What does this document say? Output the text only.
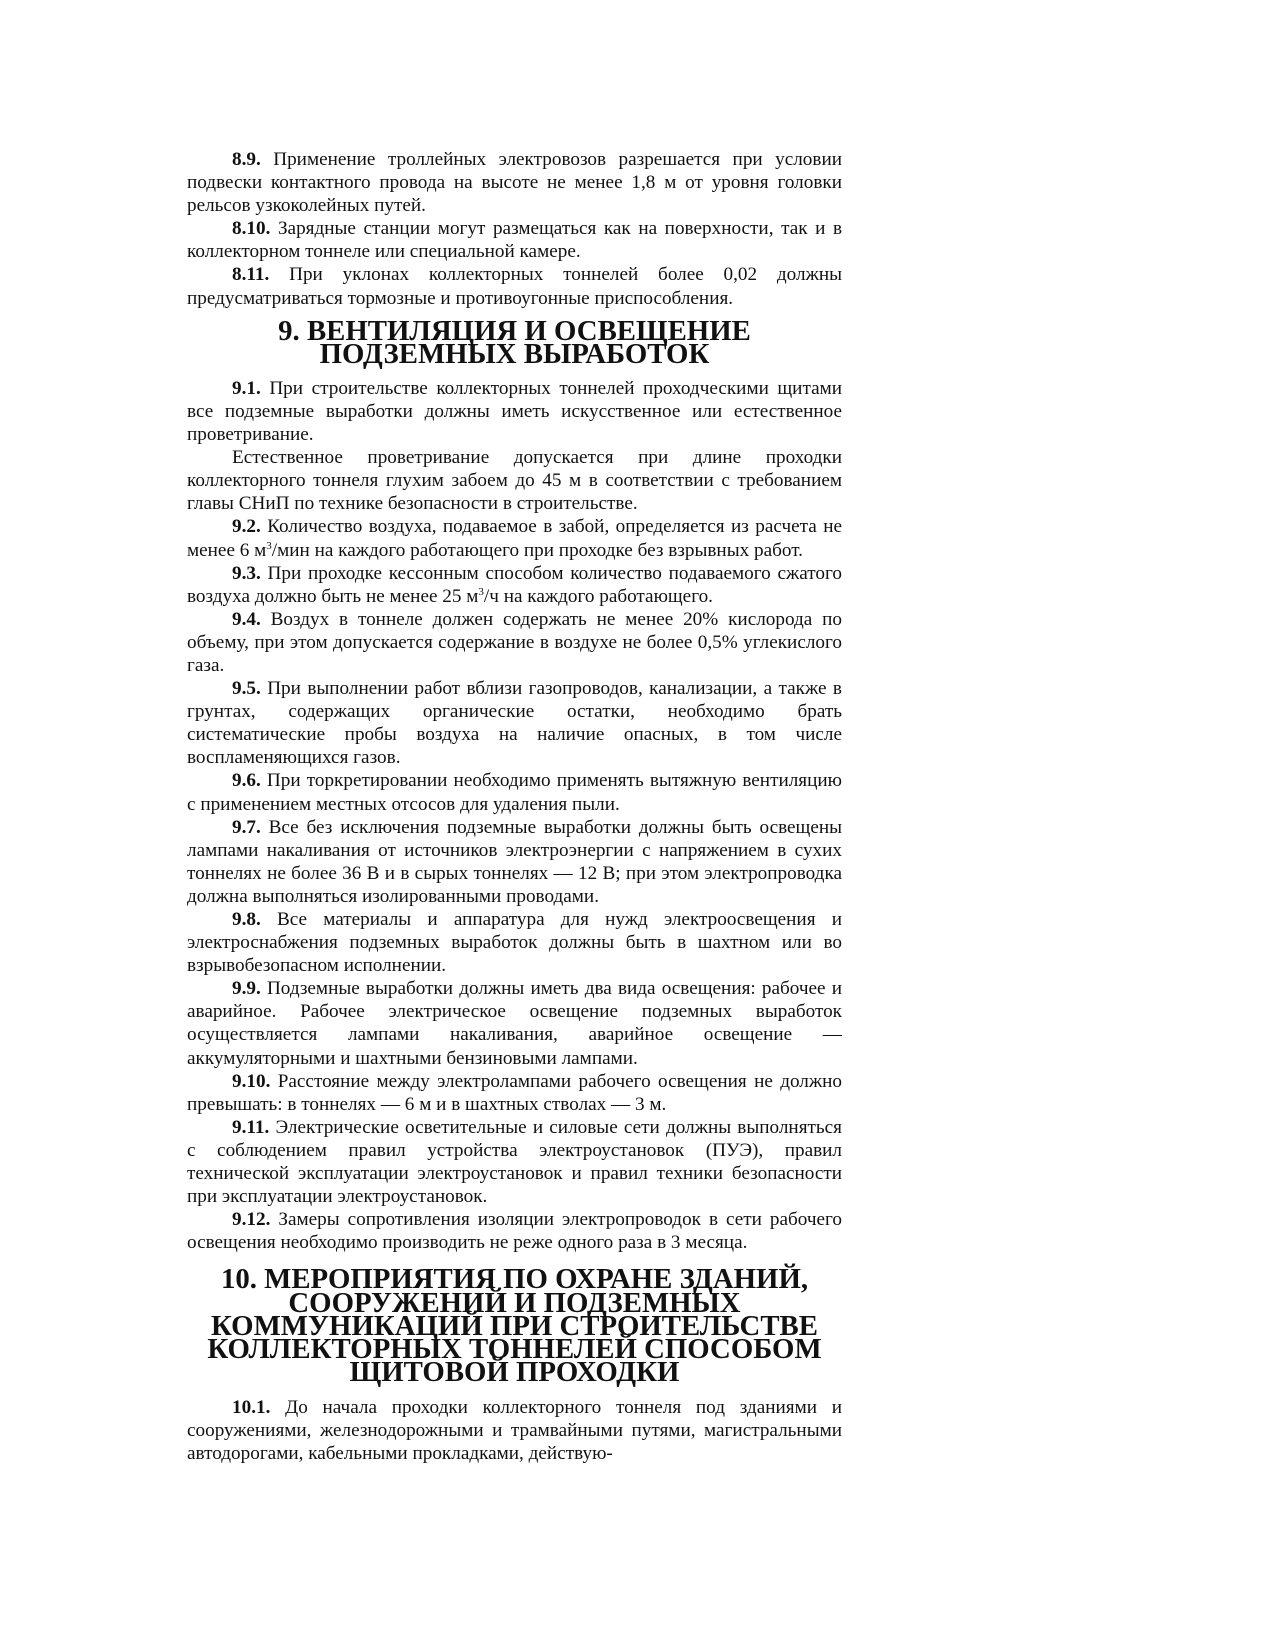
8.9. Применение троллейных электровозов разрешается при условии подвески контактного провода на высоте не менее 1,8 м от уровня головки рельсов узкоколейных путей.

8.10. Зарядные станции могут размещаться как на поверхности, так и в коллекторном тоннеле или специальной камере.

8.11. При уклонах коллекторных тоннелей более 0,02 должны предусматриваться тормозные и противоугонные приспособления.

9. ВЕНТИЛЯЦИЯ И ОСВЕЩЕНИЕ ПОДЗЕМНЫХ ВЫРАБОТОК

9.1. При строительстве коллекторных тоннелей проходческими щитами все подземные выработки должны иметь искусственное или естественное проветривание.

Естественное проветривание допускается при длине проходки коллекторного тоннеля глухим забоем до 45 м в соответствии с требованием главы СНиП по технике безопасности в строительстве.

9.2. Количество воздуха, подаваемое в забой, определяется из расчета не менее 6 $м^3$/мин на каждого работающего при проходке без взрывных работ.

9.3. При проходке кессонным способом количество подаваемого сжатого воздуха должно быть не менее 25 $м^3/ч$ на каждого работающего.

9.4. Воздух в тоннеле должен содержать не менее 20% кислорода по объему, при этом допускается содержание в воздухе не более 0,5% углекислого газа.

9.5. При выполнении работ вблизи газопроводов, канализации, а также в грунтах, содержащих органические остатки, необходимо брать систематические пробы воздуха на наличие опасных, в том числе воспламеняющихся газов.

9.6. При торкретировании необходимо применять вытяжную вентиляцию с применением местных отсосов для удаления пыли.

9.7. Все без исключения подземные выработки должны быть освещены лампами накаливания от источников электроэнергии с напряжением в сухих тоннелях не более 36 В и в сырых тоннелях — 12 В; при этом электропроводка должна выполняться изолированными проводами.

9.8. Все материалы и аппаратура для нужд электроосвещения и электроснабжения подземных выработок должны быть в шахтном или во взрывобезопасном исполнении.

9.9. Подземные выработки должны иметь два вида освещения: рабочее и аварийное. Рабочее электрическое освещение подземных выработок осуществляется лампами накаливания, аварийное освещение — аккумуляторными и шахтными бензиновыми лампами.

9.10. Расстояние между электролампами рабочего освещения не должно превышать: в тоннелях — 6 м и в шахтных стволах — 3 м.

9.11. Электрические осветительные и силовые сети должны выполняться с соблюдением правил устройства электроустановок (ПУЭ), правил технической эксплуатации электроустановок и правил техники безопасности при эксплуатации электроустановок.

9.12. Замеры сопротивления изоляции электропроводок в сети рабочего освещения необходимо производить не реже одного раза в 3 месяца.

10. МЕРОПРИЯТИЯ ПО ОХРАНЕ ЗДАНИЙ, СООРУЖЕНИЙ И ПОДЗЕМНЫХ КОММУНИКАЦИЙ ПРИ СТРОИТЕЛЬСТВЕ КОЛЛЕКТОРНЫХ ТОННЕЛЕЙ СПОСОБОМ ЩИТОВОЙ ПРОХОДКИ

10.1. До начала проходки коллекторного тоннеля под зданиями и сооружениями, железнодорожными и трамвайными путями, магистральными автодорогами, кабельными прокладками, действую-
